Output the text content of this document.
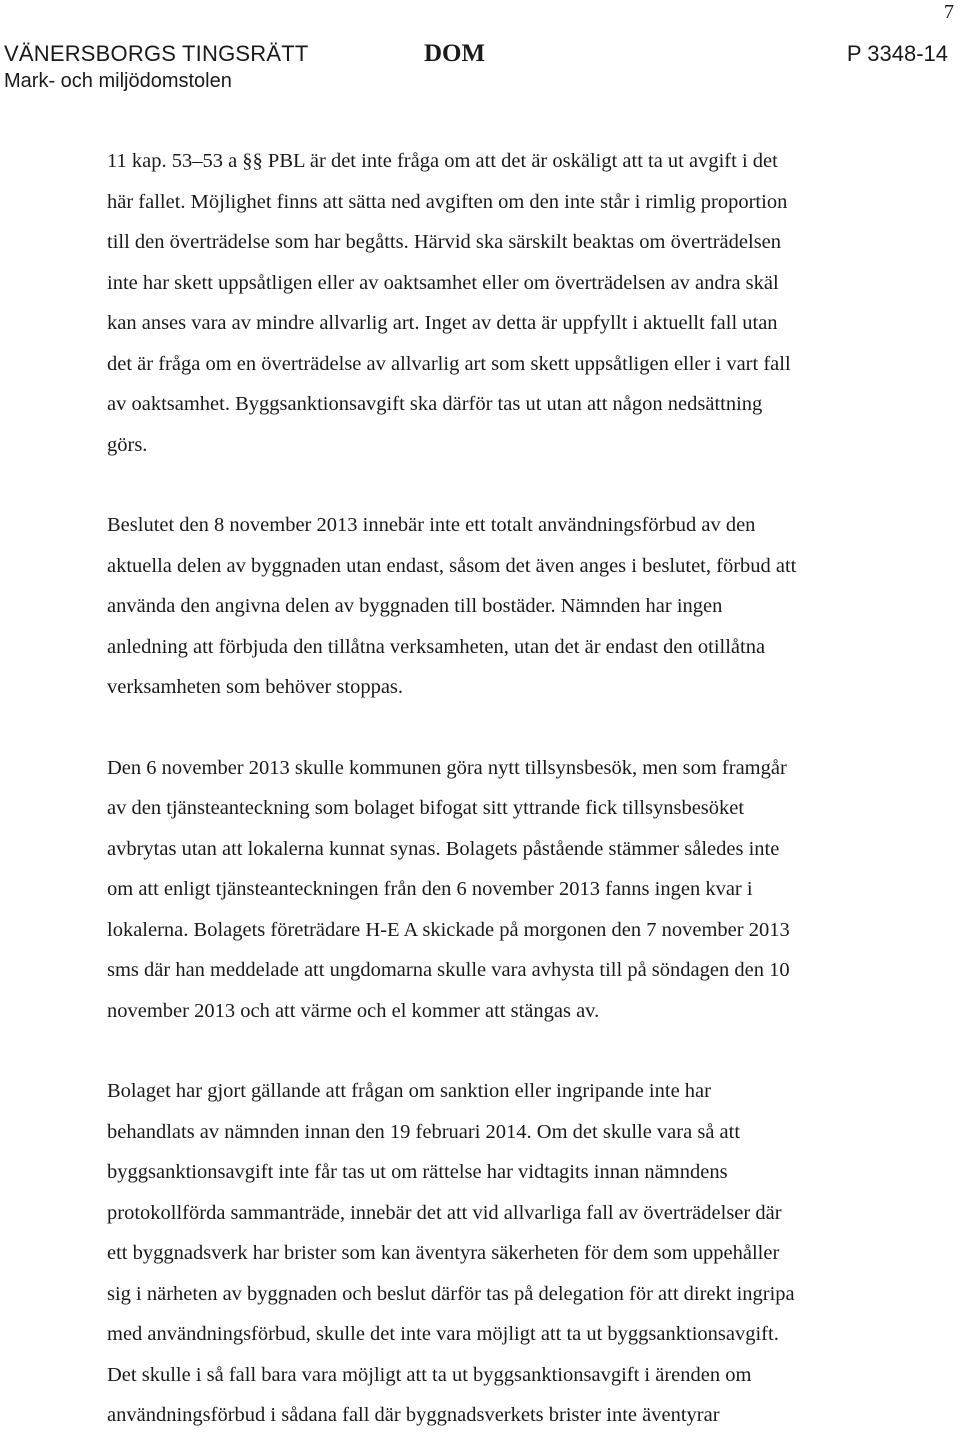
7
VÄNERSBORGS TINGSRÄTT
Mark- och miljödomstolen
DOM	P 3348-14

11 kap. 53–53 a §§ PBL är det inte fråga om att det är oskäligt att ta ut avgift i det
här fallet. Möjlighet finns att sätta ned avgiften om den inte står i rimlig proportion
till den överträdelse som har begåtts. Härvid ska särskilt beaktas om överträdelsen
inte har skett uppsåtligen eller av oaktsamhet eller om överträdelsen av andra skäl
kan anses vara av mindre allvarlig art. Inget av detta är uppfyllt i aktuellt fall utan
det är fråga om en överträdelse av allvarlig art som skett uppsåtligen eller i vart fall
av oaktsamhet. Byggsanktionsavgift ska därför tas ut utan att någon nedsättning
görs.

Beslutet den 8 november 2013 innebär inte ett totalt användningsförbud av den
aktuella delen av byggnaden utan endast, såsom det även anges i beslutet, förbud att
använda den angivna delen av byggnaden till bostäder. Nämnden har ingen
anledning att förbjuda den tillåtna verksamheten, utan det är endast den otillåtna
verksamheten som behöver stoppas.

Den 6 november 2013 skulle kommunen göra nytt tillsynsbesök, men som framgår
av den tjänsteanteckning som bolaget bifogat sitt yttrande fick tillsynsbesöket
avbrytas utan att lokalerna kunnat synas. Bolagets påstående stämmer således inte
om att enligt tjänsteanteckningen från den 6 november 2013 fanns ingen kvar i
lokalerna. Bolagets företrädare H-E A skickade på morgonen den 7 november 2013
sms där han meddelade att ungdomarna skulle vara avhysta till på söndagen den 10
november 2013 och att värme och el kommer att stängas av.

Bolaget har gjort gällande att frågan om sanktion eller ingripande inte har
behandlats av nämnden innan den 19 februari 2014. Om det skulle vara så att
byggsanktionsavgift inte får tas ut om rättelse har vidtagits innan nämndens
protokollförda sammanträde, innebär det att vid allvarliga fall av överträdelser där
ett byggnadsverk har brister som kan äventyra säkerheten för dem som uppehåller
sig i närheten av byggnaden och beslut därför tas på delegation för att direkt ingripa
med användningsförbud, skulle det inte vara möjligt att ta ut byggsanktionsavgift.
Det skulle i så fall bara vara möjligt att ta ut byggsanktionsavgift i ärenden om
användningsförbud i sådana fall där byggnadsverkets brister inte äventyrar
